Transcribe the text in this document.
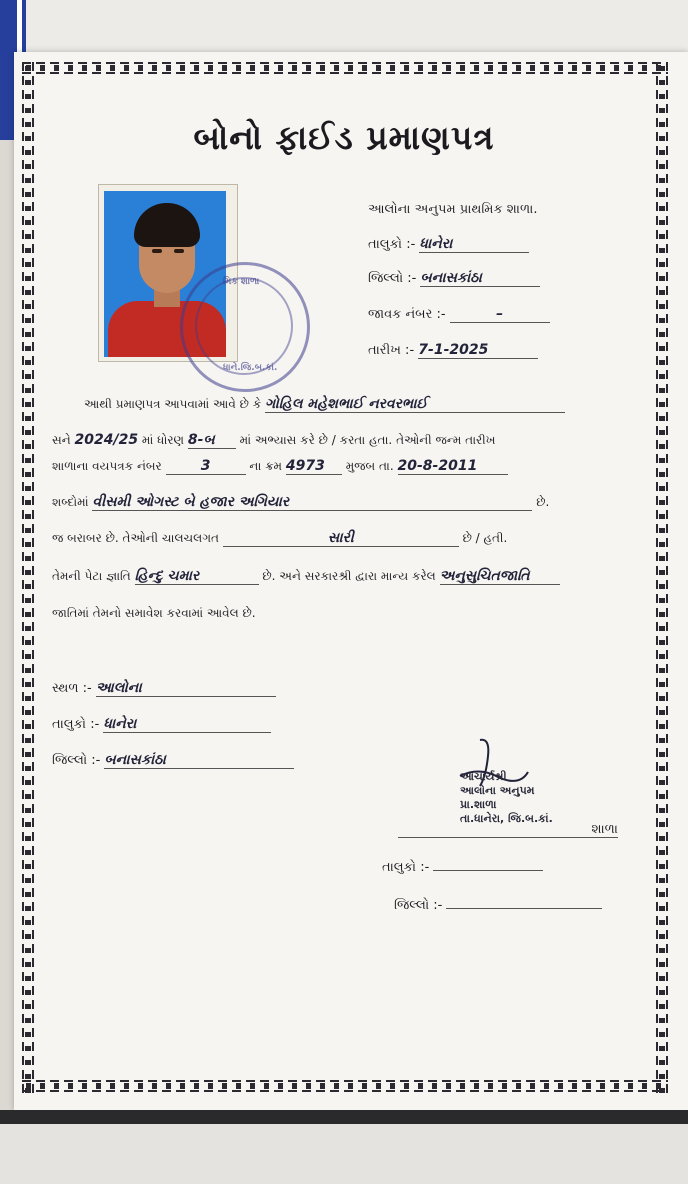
બોનો ફાઈડ પ્રમાણપત્ર
મિક શાળા
ધાને.જિ.બ.કાં.
આલોના અનુપમ પ્રાથમિક શાળા.
તાલુકો :- ધાનેરા
જિલ્લો :- બનાસકાંઠા
જાવક નંબર :-	–
તારીખ :- 7-1-2025
આથી પ્રમાણપત્ર આપવામાં આવે છે કે ગોહિલ મહેશભાઈ નરવરભાઈ
સને 2024/25 માં ધોરણ 8-બ માં અભ્યાસ કરે છે / કરતા હતા. તેઓની જન્મ તારીખ
શાળાના વયપત્રક નંબર	3	ના ક્રમ 4973 મુજબ તા. 20-8-2011
શબ્દોમાં વીસમી ઓગસ્ટ બે હજાર અગિયાર	છે.
જ બરાબર છે. તેઓની ચાલચલગત	સારી	છે / હતી.
તેમની પેટા જ્ઞાતિ હિન્દુ ચમાર	છે. અને સરકારશ્રી દ્વારા માન્ય કરેલ અનુસુચિતજાતિ
જાતિમાં તેમનો સમાવેશ કરવામાં આવેલ છે.
સ્થળ :- આલોના
તાલુકો :- ધાનેરા
જિલ્લો :- બનાસકાંઠા
આચાર્યશ્રી
આલોના અનુપમ
પ્રા.શાળા
તા.ધાનેરા, જિ.બ.કાં.
શાળા
તાલુકો :-
જિલ્લો :-
